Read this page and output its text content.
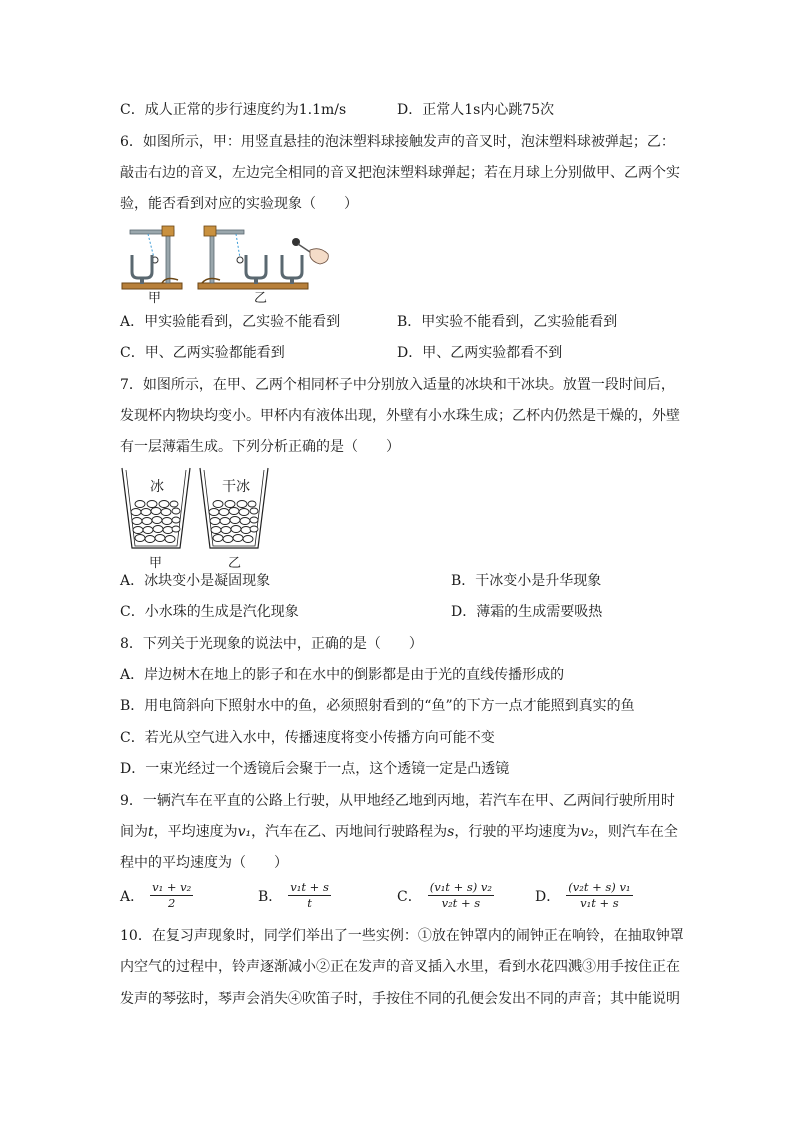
C．成人正常的步行速度约为1.1m/s	D．正常人1s内心跳75次
6．如图所示，甲：用竖直悬挂的泡沫塑料球接触发声的音叉时，泡沫塑料球被弹起；乙：
敲击右边的音叉，左边完全相同的音叉把泡沫塑料球弹起；若在月球上分别做甲、乙两个实
验，能否看到对应的实验现象（　　）
甲	乙
A．甲实验能看到，乙实验不能看到	B．甲实验不能看到，乙实验能看到
C．甲、乙两实验都能看到	D．甲、乙两实验都看不到
7．如图所示，在甲、乙两个相同杯子中分别放入适量的冰块和干冰块。放置一段时间后，
发现杯内物块均变小。甲杯内有液体出现，外壁有小水珠生成；乙杯内仍然是干燥的，外壁
有一层薄霜生成。下列分析正确的是（　　）
冰	干冰
甲	乙
A．冰块变小是凝固现象	B．干冰变小是升华现象
C．小水珠的生成是汽化现象	D．薄霜的生成需要吸热
8．下列关于光现象的说法中，正确的是（　　）
A．岸边树木在地上的影子和在水中的倒影都是由于光的直线传播形成的
B．用电筒斜向下照射水中的鱼，必须照射看到的“鱼”的下方一点才能照到真实的鱼
C．若光从空气进入水中，传播速度将变小传播方向可能不变
D．一束光经过一个透镜后会聚于一点，这个透镜一定是凸透镜
9．一辆汽车在平直的公路上行驶，从甲地经乙地到丙地，若汽车在甲、乙两间行驶所用时
间为t，平均速度为v₁，汽车在乙、丙地间行驶路程为s，行驶的平均速度为v₂，则汽车在全
程中的平均速度为（　　）
A． $\frac{\text{v₁ + v₂}}{2}$	B． $\frac{\text{v₁t + s}}{t}$	C． $\frac{\text{(v₁t + s) v₂}}{\text{v₂t + s}}$	D． $\frac{\text{(v₂t + s) v₁}}{\text{v₁t + s}}$
10．在复习声现象时，同学们举出了一些实例：①放在钟罩内的闹钟正在响铃，在抽取钟罩
内空气的过程中，铃声逐渐减小②正在发声的音叉插入水里，看到水花四溅③用手按住正在
发声的琴弦时，琴声会消失④吹笛子时，手按住不同的孔便会发出不同的声音；其中能说明
